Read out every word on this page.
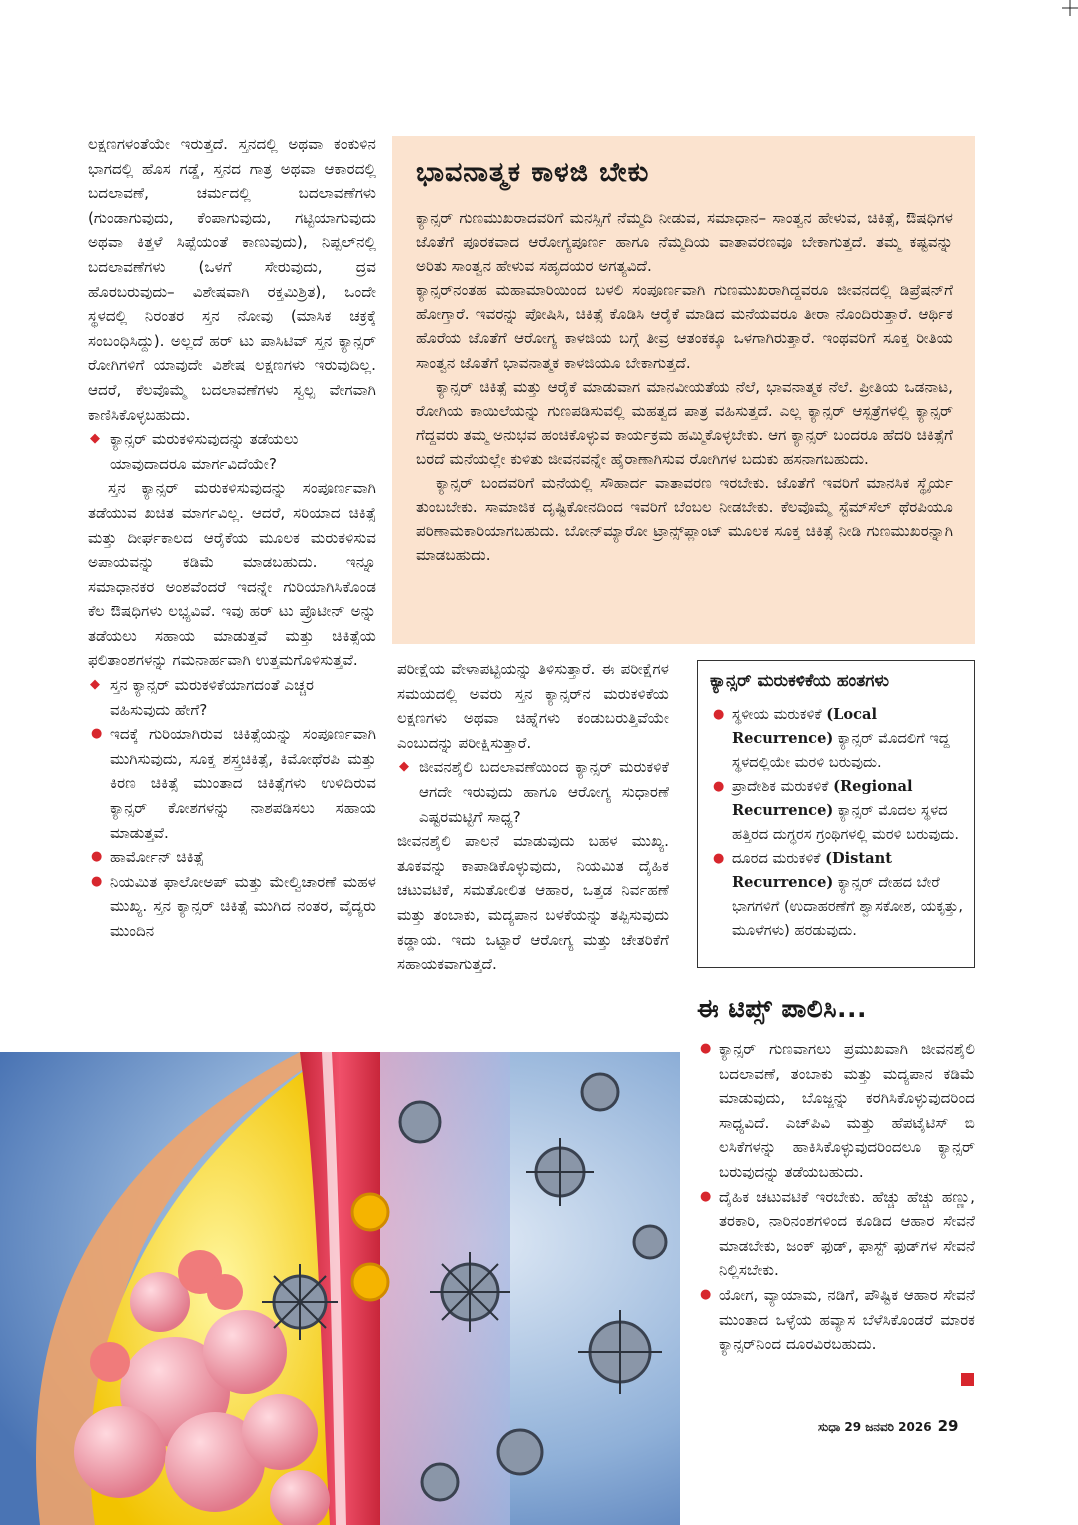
ಲಕ್ಷಣಗಳಂತೆಯೇ ಇರುತ್ತದೆ. ಸ್ತನದಲ್ಲಿ ಅಥವಾ ಕಂಕುಳಿನ ಭಾಗದಲ್ಲಿ ಹೊಸ ಗಡ್ಡೆ, ಸ್ತನದ ಗಾತ್ರ ಅಥವಾ ಆಕಾರದಲ್ಲಿ ಬದಲಾವಣೆ, ಚರ್ಮದಲ್ಲಿ ಬದಲಾವಣೆಗಳು (ಗುಂಡಾಗುವುದು, ಕೆಂಪಾಗುವುದು, ಗಟ್ಟಿಯಾಗುವುದು ಅಥವಾ ಕಿತ್ತಳೆ ಸಿಪ್ಪೆಯಂತೆ ಕಾಣುವುದು), ನಿಪ್ಪಲ್‌ನಲ್ಲಿ ಬದಲಾವಣೆಗಳು (ಒಳಗೆ ಸೇರುವುದು, ದ್ರವ ಹೊರಬರುವುದು– ವಿಶೇಷವಾಗಿ ರಕ್ತಮಿಶ್ರಿತ), ಒಂದೇ ಸ್ಥಳದಲ್ಲಿ ನಿರಂತರ ಸ್ತನ ನೋವು (ಮಾಸಿಕ ಚಕ್ರಕ್ಕೆ ಸಂಬಂಧಿಸಿದ್ದು). ಅಲ್ಲದೆ ಹರ್ ಟು ಪಾಸಿಟಿವ್ ಸ್ತನ ಕ್ಯಾನ್ಸರ್ ರೋಗಿಗಳಿಗೆ ಯಾವುದೇ ವಿಶೇಷ ಲಕ್ಷಣಗಳು ಇರುವುದಿಲ್ಲ. ಆದರೆ, ಕೆಲವೊಮ್ಮೆ ಬದಲಾವಣೆಗಳು ಸ್ವಲ್ಪ ವೇಗವಾಗಿ ಕಾಣಿಸಿಕೊಳ್ಳಬಹುದು.

◆ ಕ್ಯಾನ್ಸರ್ ಮರುಕಳಿಸುವುದನ್ನು ತಡೆಯಲು ಯಾವುದಾದರೂ ಮಾರ್ಗವಿದೆಯೇ?

ಸ್ತನ ಕ್ಯಾನ್ಸರ್ ಮರುಕಳಿಸುವುದನ್ನು ಸಂಪೂರ್ಣವಾಗಿ ತಡೆಯುವ ಖಚಿತ ಮಾರ್ಗವಿಲ್ಲ. ಆದರೆ, ಸರಿಯಾದ ಚಿಕಿತ್ಸೆ ಮತ್ತು ದೀರ್ಘಕಾಲದ ಆರೈಕೆಯ ಮೂಲಕ ಮರುಕಳಿಸುವ ಅಪಾಯವನ್ನು ಕಡಿಮೆ ಮಾಡಬಹುದು. ಇನ್ನೂ ಸಮಾಧಾನಕರ ಅಂಶವೆಂದರೆ ಇದನ್ನೇ ಗುರಿಯಾಗಿಸಿಕೊಂಡ ಕೆಲ ಔಷಧಿಗಳು ಲಭ್ಯವಿವೆ. ಇವು ಹರ್ ಟು ಪ್ರೊಟೀನ್ ಅನ್ನು ತಡೆಯಲು ಸಹಾಯ ಮಾಡುತ್ತವೆ ಮತ್ತು ಚಿಕಿತ್ಸೆಯ ಫಲಿತಾಂಶಗಳನ್ನು ಗಮನಾರ್ಹವಾಗಿ ಉತ್ತಮಗೊಳಿಸುತ್ತವೆ.

◆ ಸ್ತನ ಕ್ಯಾನ್ಸರ್ ಮರುಕಳಿಕೆಯಾಗದಂತೆ ಎಚ್ಚರ ವಹಿಸುವುದು ಹೇಗೆ?

● ಇದಕ್ಕೆ ಗುರಿಯಾಗಿರುವ ಚಿಕಿತ್ಸೆಯನ್ನು ಸಂಪೂರ್ಣವಾಗಿ ಮುಗಿಸುವುದು, ಸೂಕ್ತ ಶಸ್ತ್ರಚಿಕಿತ್ಸೆ, ಕಿಮೋಥೆರಪಿ ಮತ್ತು ಕಿರಣ ಚಿಕಿತ್ಸೆ ಮುಂತಾದ ಚಿಕಿತ್ಸೆಗಳು ಉಳಿದಿರುವ ಕ್ಯಾನ್ಸರ್ ಕೋಶಗಳನ್ನು ನಾಶಪಡಿಸಲು ಸಹಾಯ ಮಾಡುತ್ತವೆ.

● ಹಾರ್ಮೋನ್ ಚಿಕಿತ್ಸೆ

● ನಿಯಮಿತ ಫಾಲೋಅಪ್ ಮತ್ತು ಮೇಲ್ವಿಚಾರಣೆ ಮಹಳ ಮುಖ್ಯ. ಸ್ತನ ಕ್ಯಾನ್ಸರ್ ಚಿಕಿತ್ಸೆ ಮುಗಿದ ನಂತರ, ವೈದ್ಯರು ಮುಂದಿನ

ಭಾವನಾತ್ಮಕ ಕಾಳಜಿ ಬೇಕು

ಕ್ಯಾನ್ಸರ್ ಗುಣಮುಖರಾದವರಿಗೆ ಮನಸ್ಸಿಗೆ ನೆಮ್ಮದಿ ನೀಡುವ, ಸಮಾಧಾನ– ಸಾಂತ್ವನ ಹೇಳುವ, ಚಿಕಿತ್ಸೆ, ಔಷಧಿಗಳ ಜೊತೆಗೆ ಪೂರಕವಾದ ಆರೋಗ್ಯಪೂರ್ಣ ಹಾಗೂ ನೆಮ್ಮದಿಯ ವಾತಾವರಣವೂ ಬೇಕಾಗುತ್ತದೆ. ತಮ್ಮ ಕಷ್ಟವನ್ನು ಅರಿತು ಸಾಂತ್ವನ ಹೇಳುವ ಸಹೃದಯರ ಅಗತ್ಯವಿದೆ.

ಕ್ಯಾನ್ಸರ್‌ನಂತಹ ಮಹಾಮಾರಿಯಿಂದ ಬಳಲಿ ಸಂಪೂರ್ಣವಾಗಿ ಗುಣಮುಖರಾಗಿದ್ದವರೂ ಜೀವನದಲ್ಲಿ ಡಿಪ್ರೆಷನ್‌ಗೆ ಹೋಗ್ತಾರೆ. ಇವರನ್ನು ಪೋಷಿಸಿ, ಚಿಕಿತ್ಸೆ ಕೊಡಿಸಿ ಆರೈಕೆ ಮಾಡಿದ ಮನೆಯವರೂ ತೀರಾ ನೊಂದಿರುತ್ತಾರೆ. ಆರ್ಥಿಕ ಹೊರೆಯ ಜೊತೆಗೆ ಆರೋಗ್ಯ ಕಾಳಜಿಯ ಬಗ್ಗೆ ತೀವ್ರ ಆತಂಕಕ್ಕೂ ಒಳಗಾಗಿರುತ್ತಾರೆ. ಇಂಥವರಿಗೆ ಸೂಕ್ತ ರೀತಿಯ ಸಾಂತ್ವನ ಜೊತೆಗೆ ಭಾವನಾತ್ಮಕ ಕಾಳಜಿಯೂ ಬೇಕಾಗುತ್ತದೆ.

ಕ್ಯಾನ್ಸರ್ ಚಿಕಿತ್ಸೆ ಮತ್ತು ಆರೈಕೆ ಮಾಡುವಾಗ ಮಾನವೀಯತೆಯ ನೆಲೆ, ಭಾವನಾತ್ಮಕ ನೆಲೆ. ಪ್ರೀತಿಯ ಒಡನಾಟ, ರೋಗಿಯ ಕಾಯಿಲೆಯನ್ನು ಗುಣಪಡಿಸುವಲ್ಲಿ ಮಹತ್ವದ ಪಾತ್ರ ವಹಿಸುತ್ತದೆ. ಎಲ್ಲ ಕ್ಯಾನ್ಸರ್ ಆಸ್ಪತ್ರೆಗಳಲ್ಲಿ ಕ್ಯಾನ್ಸರ್ ಗೆದ್ದವರು ತಮ್ಮ ಅನುಭವ ಹಂಚಿಕೊಳ್ಳುವ ಕಾರ್ಯಕ್ರಮ ಹಮ್ಮಿಕೊಳ್ಳಬೇಕು. ಆಗ ಕ್ಯಾನ್ಸರ್ ಬಂದರೂ ಹೆದರಿ ಚಿಕಿತ್ಸೆಗೆ ಬರದೆ ಮನೆಯಲ್ಲೇ ಕುಳಿತು ಜೀವನವನ್ನೇ ಹೈರಾಣಾಗಿಸುವ ರೋಗಿಗಳ ಬದುಕು ಹಸನಾಗಬಹುದು.

ಕ್ಯಾನ್ಸರ್ ಬಂದವರಿಗೆ ಮನೆಯಲ್ಲಿ ಸೌಹಾರ್ದ ವಾತಾವರಣ ಇರಬೇಕು. ಜೊತೆಗೆ ಇವರಿಗೆ ಮಾನಸಿಕ ಸ್ಥೈರ್ಯ ತುಂಬಬೇಕು. ಸಾಮಾಜಿಕ ದೃಷ್ಟಿಕೋನದಿಂದ ಇವರಿಗೆ ಬೆಂಬಲ ನೀಡಬೇಕು. ಕೆಲವೊಮ್ಮೆ ಸ್ಟೆಮ್‌ಸೆಲ್ ಥೆರಪಿಯೂ ಪರಿಣಾಮಕಾರಿಯಾಗಬಹುದು. ಬೋನ್‌ಮ್ಯಾರೋ ಟ್ರಾನ್ಸ್‌ಪ್ಲಾಂಟ್ ಮೂಲಕ ಸೂಕ್ತ ಚಿಕಿತ್ಸೆ ನೀಡಿ ಗುಣಮುಖರನ್ನಾಗಿ ಮಾಡಬಹುದು.

ಪರೀಕ್ಷೆಯ ವೇಳಾಪಟ್ಟಿಯನ್ನು ತಿಳಿಸುತ್ತಾರೆ. ಈ ಪರೀಕ್ಷೆಗಳ ಸಮಯದಲ್ಲಿ ಅವರು ಸ್ತನ ಕ್ಯಾನ್ಸರ್‌ನ ಮರುಕಳಿಕೆಯ ಲಕ್ಷಣಗಳು ಅಥವಾ ಚಿಹ್ನೆಗಳು ಕಂಡುಬರುತ್ತಿವೆಯೇ ಎಂಬುದನ್ನು ಪರೀಕ್ಷಿಸುತ್ತಾರೆ.

◆ ಜೀವನಶೈಲಿ ಬದಲಾವಣೆಯಿಂದ ಕ್ಯಾನ್ಸರ್ ಮರುಕಳಿಕೆ ಆಗದೇ ಇರುವುದು ಹಾಗೂ ಆರೋಗ್ಯ ಸುಧಾರಣೆ ಎಷ್ಟರಮಟ್ಟಿಗೆ ಸಾಧ್ಯ?

ಜೀವನಶೈಲಿ ಪಾಲನೆ ಮಾಡುವುದು ಬಹಳ ಮುಖ್ಯ. ತೂಕವನ್ನು ಕಾಪಾಡಿಕೊಳ್ಳುವುದು, ನಿಯಮಿತ ದೈಹಿಕ ಚಟುವಟಿಕೆ, ಸಮತೋಲಿತ ಆಹಾರ, ಒತ್ತಡ ನಿರ್ವಹಣೆ ಮತ್ತು ತಂಬಾಕು, ಮದ್ಯಪಾನ ಬಳಕೆಯನ್ನು ತಪ್ಪಿಸುವುದು ಕಡ್ಡಾಯ. ಇದು ಒಟ್ಟಾರೆ ಆರೋಗ್ಯ ಮತ್ತು ಚೇತರಿಕೆಗೆ ಸಹಾಯಕವಾಗುತ್ತದೆ.

ಕ್ಯಾನ್ಸರ್ ಮರುಕಳಿಕೆಯ ಹಂತಗಳು

● ಸ್ಥಳೀಯ ಮರುಕಳಿಕೆ (Local Recurrence) ಕ್ಯಾನ್ಸರ್ ಮೊದಲಿಗೆ ಇದ್ದ ಸ್ಥಳದಲ್ಲಿಯೇ ಮರಳಿ ಬರುವುದು.

● ಪ್ರಾದೇಶಿಕ ಮರುಕಳಿಕೆ (Regional Recurrence) ಕ್ಯಾನ್ಸರ್ ಮೊದಲ ಸ್ಥಳದ ಹತ್ತಿರದ ದುಗ್ಧರಸ ಗ್ರಂಥಿಗಳಲ್ಲಿ ಮರಳಿ ಬರುವುದು.

● ದೂರದ ಮರುಕಳಿಕೆ (Distant Recurrence) ಕ್ಯಾನ್ಸರ್ ದೇಹದ ಬೇರೆ ಭಾಗಗಳಿಗೆ (ಉದಾಹರಣೆಗೆ ಶ್ವಾಸಕೋಶ, ಯಕೃತ್ತು, ಮೂಳೆಗಳು) ಹರಡುವುದು.

ಈ ಟಿಪ್ಸ್ ಪಾಲಿಸಿ...

● ಕ್ಯಾನ್ಸರ್ ಗುಣವಾಗಲು ಪ್ರಮುಖವಾಗಿ ಜೀವನಶೈಲಿ ಬದಲಾವಣೆ, ತಂಬಾಕು ಮತ್ತು ಮದ್ಯಪಾನ ಕಡಿಮೆ ಮಾಡುವುದು, ಬೊಜ್ಜನ್ನು ಕರಗಿಸಿಕೊಳ್ಳುವುದರಿಂದ ಸಾಧ್ಯವಿದೆ. ಎಚ್‌ಪಿವಿ ಮತ್ತು ಹೆಪಟೈಟಿಸ್ ಬಿ ಲಸಿಕೆಗಳನ್ನು ಹಾಕಿಸಿಕೊಳ್ಳುವುದರಿಂದಲೂ ಕ್ಯಾನ್ಸರ್ ಬರುವುದನ್ನು ತಡೆಯಬಹುದು.

● ದೈಹಿಕ ಚಟುವಟಿಕೆ ಇರಬೇಕು. ಹೆಚ್ಚು ಹೆಚ್ಚು ಹಣ್ಣು, ತರಕಾರಿ, ನಾರಿನಂಶಗಳಿಂದ ಕೂಡಿದ ಆಹಾರ ಸೇವನೆ ಮಾಡಬೇಕು, ಜಂಕ್ ಫುಡ್, ಫಾಸ್ಟ್ ಫುಡ್‌ಗಳ ಸೇವನೆ ನಿಲ್ಲಿಸಬೇಕು.

● ಯೋಗ, ವ್ಯಾಯಾಮ, ನಡಿಗೆ, ಪೌಷ್ಟಿಕ ಆಹಾರ ಸೇವನೆ ಮುಂತಾದ ಒಳ್ಳೆಯ ಹವ್ಯಾಸ ಬೆಳೆಸಿಕೊಂಡರೆ ಮಾರಕ ಕ್ಯಾನ್ಸರ್‌ನಿಂದ ದೂರವಿರಬಹುದು.

ಸುಧಾ 29 ಜನವರಿ 2026 29
